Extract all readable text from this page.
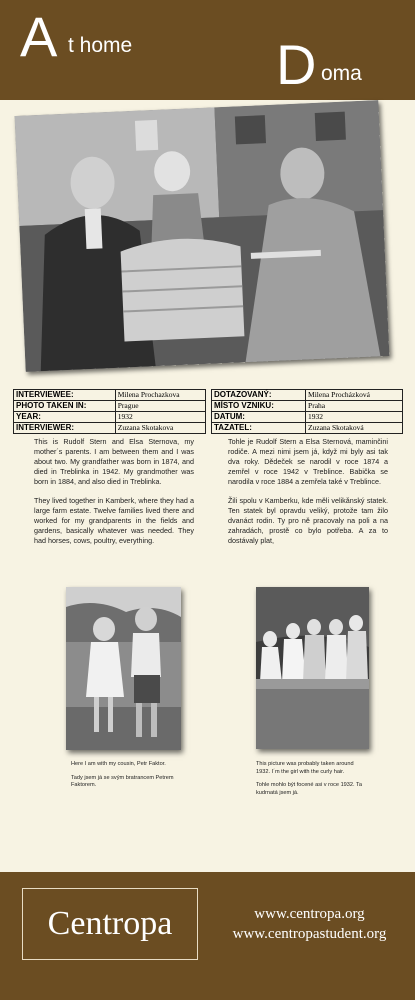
A t home	D oma
INTERVIEWEE:	Milena Prochazkova
PHOTO TAKEN IN:	Prague
YEAR:	1932
INTERVIEWER:	Zuzana Skotakova
DOTAZOVANÝ:	Milena Procházková
MÍSTO VZNIKU:	Praha
DATUM:	1932
TAZATEL:	Zuzana Skotaková

This is Rudolf Stern and Elsa Sternova, my mother´s parents. I am between them and I was about two. My grandfather was born in 1874, and died in Treblinka in 1942. My grandmother was born in 1884, and also died in Treblinka.

They lived together in Kamberk, where they had a large farm estate. Twelve families lived there and worked for my grandparents in the fields and gardens, basically whatever was needed. They had horses, cows, poultry, everything.

Tohle je Rudolf Stern a Elsa Sternová, maminčini rodiče. A mezi nimi jsem já, když mi byly asi tak dva roky. Dědeček se narodil v roce 1874 a zemřel v roce 1942 v Treblince. Babička se narodila v roce 1884 a zemřela také v Treblince.

Žili spolu v Kamberku, kde měli veliká̌nský statek. Ten statek byl opravdu veliký, protože tam žilo dvanáct rodin. Ty pro ně pracovaly na poli a na zahradách, prostě co bylo potřeba. A za to dostávaly plat,

Here I am with my cousin, Petr Faktor.

Tady jsem já se svým bratrancem Petrem Faktorem.

This picture was probably taken around 1932. I´m the girl with the curly hair.

Tohle mohlo být focené asi v roce 1932. Ta kudrnatá jsem já.

Centropa	www.centropa.org
www.centropastudent.org
